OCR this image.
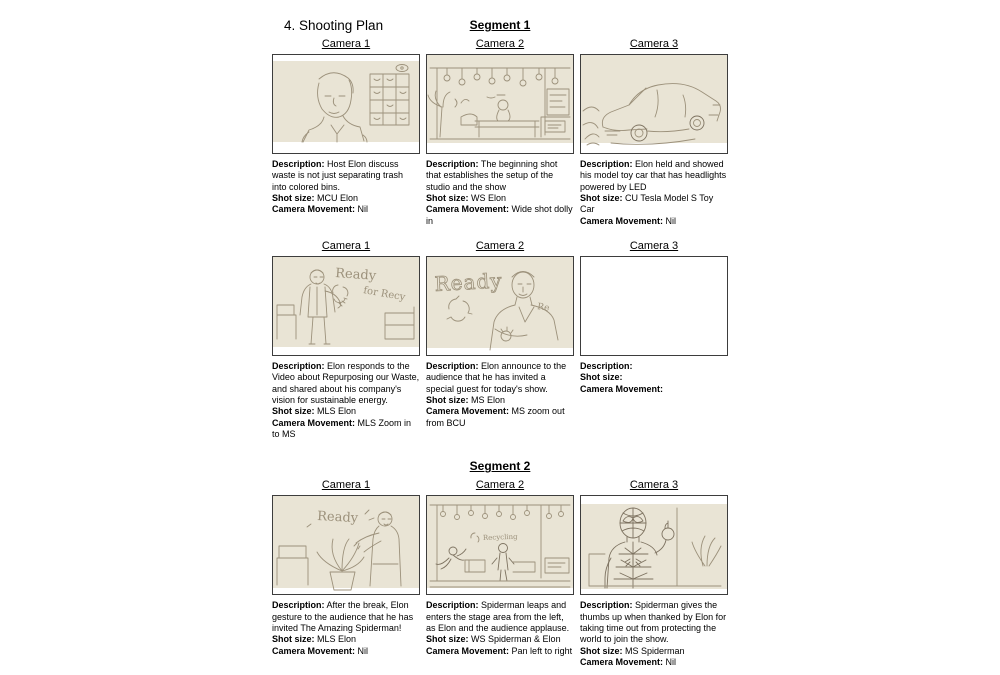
4. Shooting Plan	Segment 1
Camera 1

Description: Host Elon discuss waste is not just separating trash into colored bins.

Shot size: MCU Elon

Camera Movement: Nil

Camera 2

Description: The beginning shot that establishes the setup of the studio and the show

Shot size: WS Elon

Camera Movement: Wide shot dolly in

Camera 3

Description: Elon held and showed his model toy car that has headlights powered by LED

Shot size: CU Tesla Model S Toy Car

Camera Movement: Nil

Camera 1
Ready
for Recy

Description: Elon responds to the Video about Repurposing our Waste, and shared about his company's vision for sustainable energy.

Shot size: MLS Elon

Camera Movement: MLS Zoom in to MS

Camera 2
Ready
Re

Description: Elon announce to the audience that he has invited a special guest for today's show.

Shot size: MS Elon

Camera Movement: MS zoom out from BCU

Camera 3

Description:

Shot size:

Camera Movement:

Segment 2
Camera 1
Ready

Description: After the break, Elon gesture to the audience that he has invited The Amazing Spiderman!

Shot size: MLS Elon

Camera Movement: Nil

Camera 2
Recycling

Description: Spiderman leaps and enters the stage area from the left, as Elon and the audience applause.

Shot size: WS Spiderman & Elon

Camera Movement: Pan left to right

Camera 3

Description: Spiderman gives the thumbs up when thanked by Elon for taking time out from protecting the world to join the show.

Shot size: MS Spiderman

Camera Movement: Nil
